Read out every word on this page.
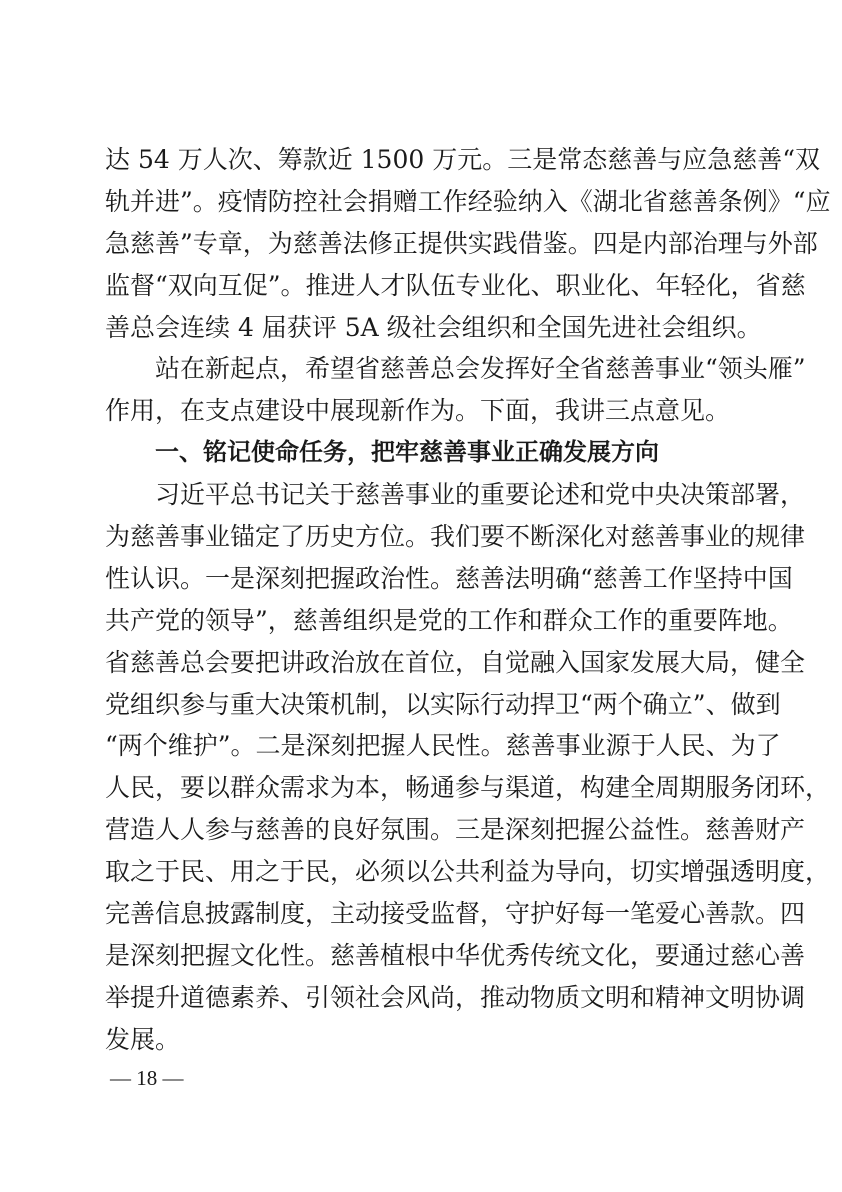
达 54 万人次、筹款近 1500 万元。三是常态慈善与应急慈善“双
轨并进”。疫情防控社会捐赠工作经验纳入《湖北省慈善条例》“应
急慈善”专章，为慈善法修正提供实践借鉴。四是内部治理与外部
监督“双向互促”。推进人才队伍专业化、职业化、年轻化，省慈
善总会连续 4 届获评 5A 级社会组织和全国先进社会组织。
站在新起点，希望省慈善总会发挥好全省慈善事业“领头雁”
作用，在支点建设中展现新作为。下面，我讲三点意见。
一、铭记使命任务，把牢慈善事业正确发展方向
习近平总书记关于慈善事业的重要论述和党中央决策部署，
为慈善事业锚定了历史方位。我们要不断深化对慈善事业的规律
性认识。一是深刻把握政治性。慈善法明确“慈善工作坚持中国
共产党的领导”，慈善组织是党的工作和群众工作的重要阵地。
省慈善总会要把讲政治放在首位，自觉融入国家发展大局，健全
党组织参与重大决策机制，以实际行动捍卫“两个确立”、做到
“两个维护”。二是深刻把握人民性。慈善事业源于人民、为了
人民，要以群众需求为本，畅通参与渠道，构建全周期服务闭环，
营造人人参与慈善的良好氛围。三是深刻把握公益性。慈善财产
取之于民、用之于民，必须以公共利益为导向，切实增强透明度，
完善信息披露制度，主动接受监督，守护好每一笔爱心善款。四
是深刻把握文化性。慈善植根中华优秀传统文化，要通过慈心善
举提升道德素养、引领社会风尚，推动物质文明和精神文明协调
发展。
— 18 —
